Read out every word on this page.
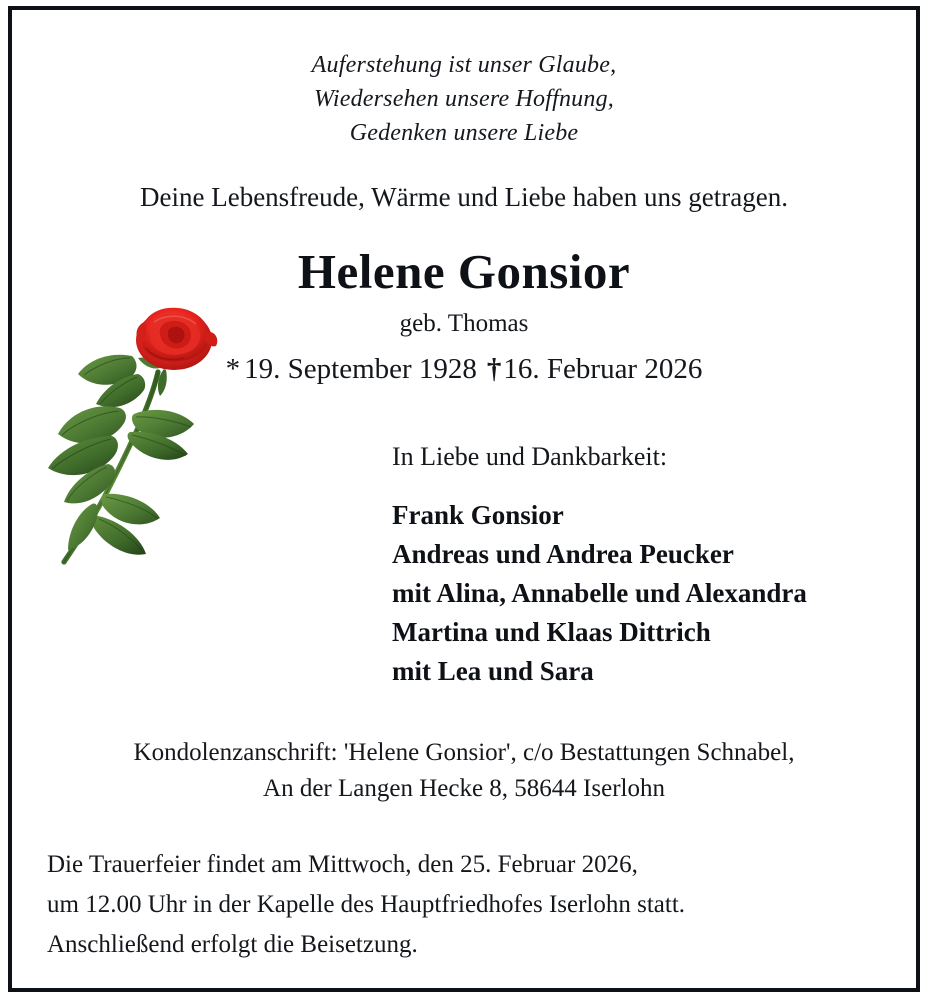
Auferstehung ist unser Glaube,
Wiedersehen unsere Hoffnung,
Gedenken unsere Liebe
Deine Lebensfreude, Wärme und Liebe haben uns getragen.
Helene Gonsior
geb. Thomas
* 19. September 1928 †16. Februar 2026
In Liebe und Dankbarkeit:
Frank Gonsior
Andreas und Andrea Peucker
mit Alina, Annabelle und Alexandra
Martina und Klaas Dittrich
mit Lea und Sara
Kondolenzanschrift: 'Helene Gonsior', c/o Bestattungen Schnabel,
An der Langen Hecke 8, 58644 Iserlohn
Die Trauerfeier findet am Mittwoch, den 25. Februar 2026,
um 12.00 Uhr in der Kapelle des Hauptfriedhofes Iserlohn statt.
Anschließend erfolgt die Beisetzung.
